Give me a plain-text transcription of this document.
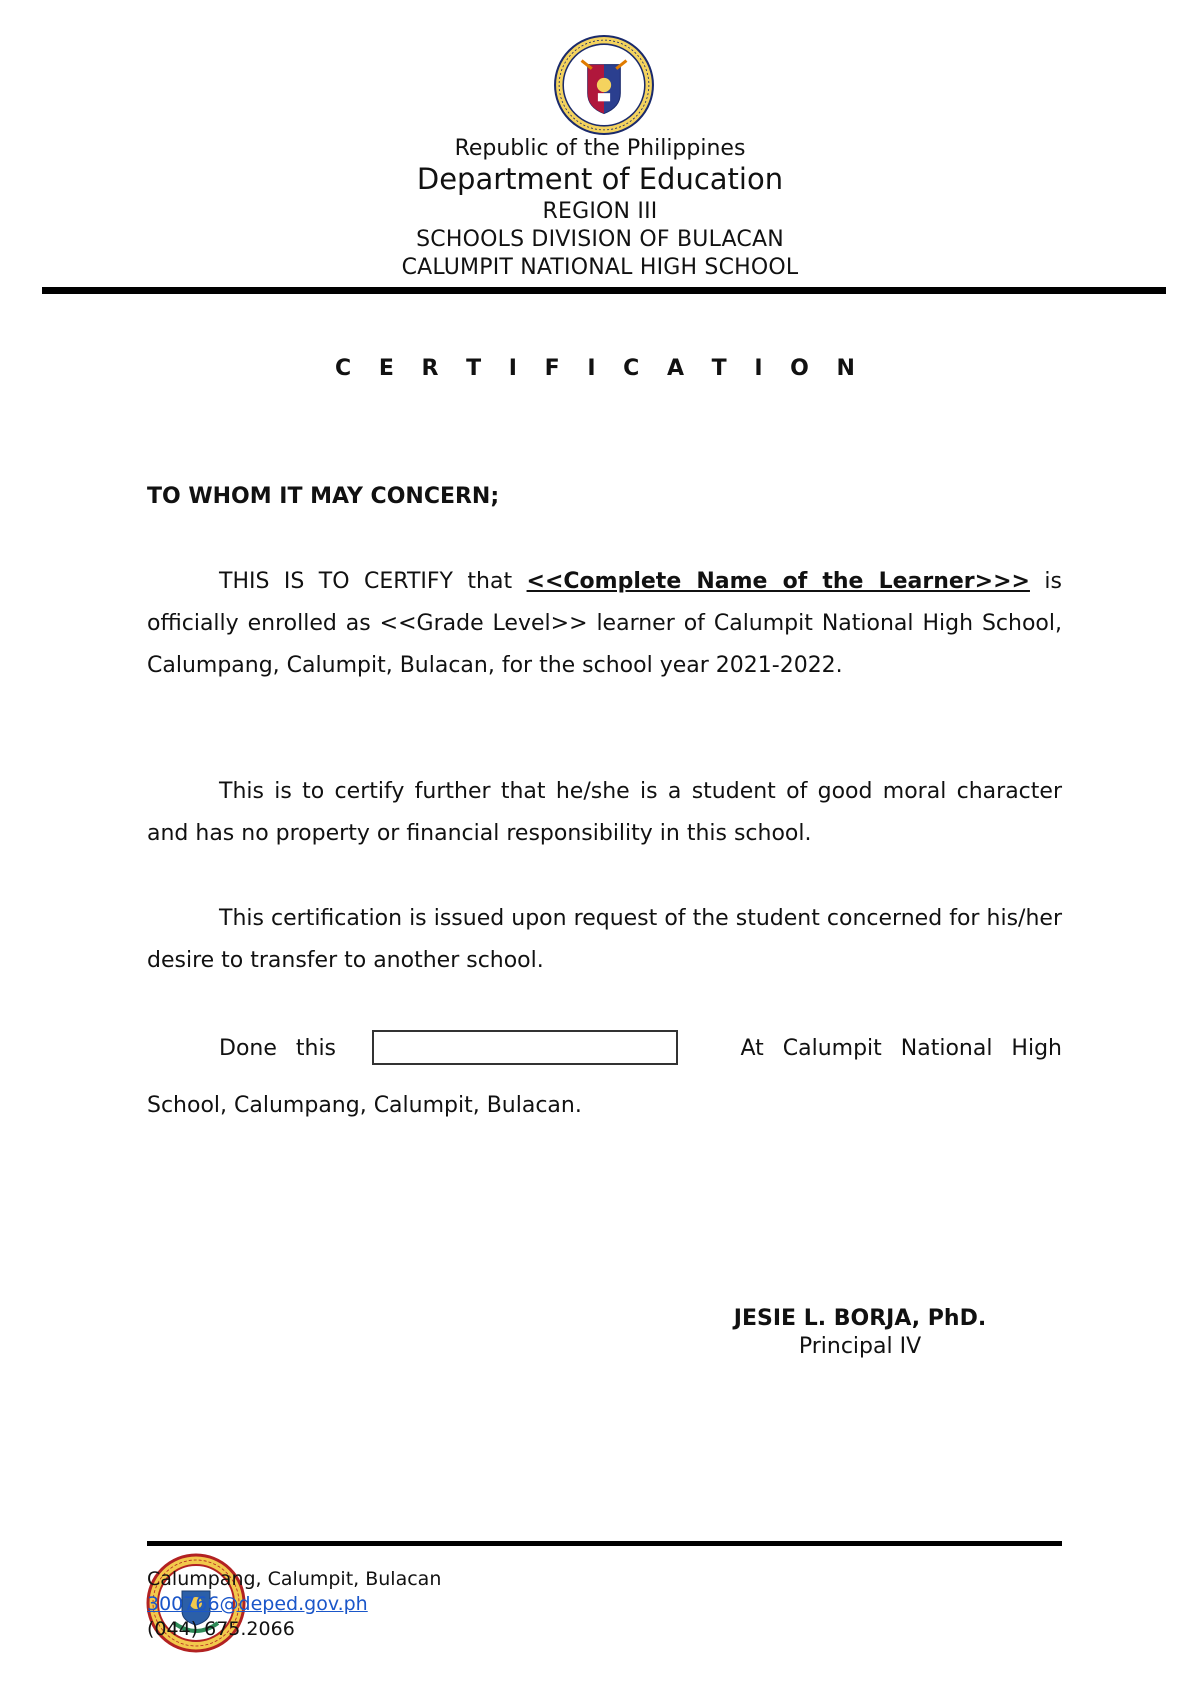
Republic of the Philippines
Department of Education
REGION III
SCHOOLS DIVISION OF BULACAN
CALUMPIT NATIONAL HIGH SCHOOL
C E R T I F I C A T I O N
TO WHOM IT MAY CONCERN;
THIS IS TO CERTIFY that <<Complete Name of the Learner>>> is officially enrolled as <<Grade Level>> learner of Calumpit National High School, Calumpang, Calumpit, Bulacan, for the school year 2021-2022.
This is to certify further that he/she is a student of good moral character and has no property or financial responsibility in this school.
This certification is issued upon request of the student concerned for his/her desire to transfer to another school.
Done this	At Calumpit National High
School, Calumpang, Calumpit, Bulacan.
JESIE L. BORJA, PhD.
Principal IV
Calumpang, Calumpit, Bulacan
300766@deped.gov.ph
(044) 675.2066
